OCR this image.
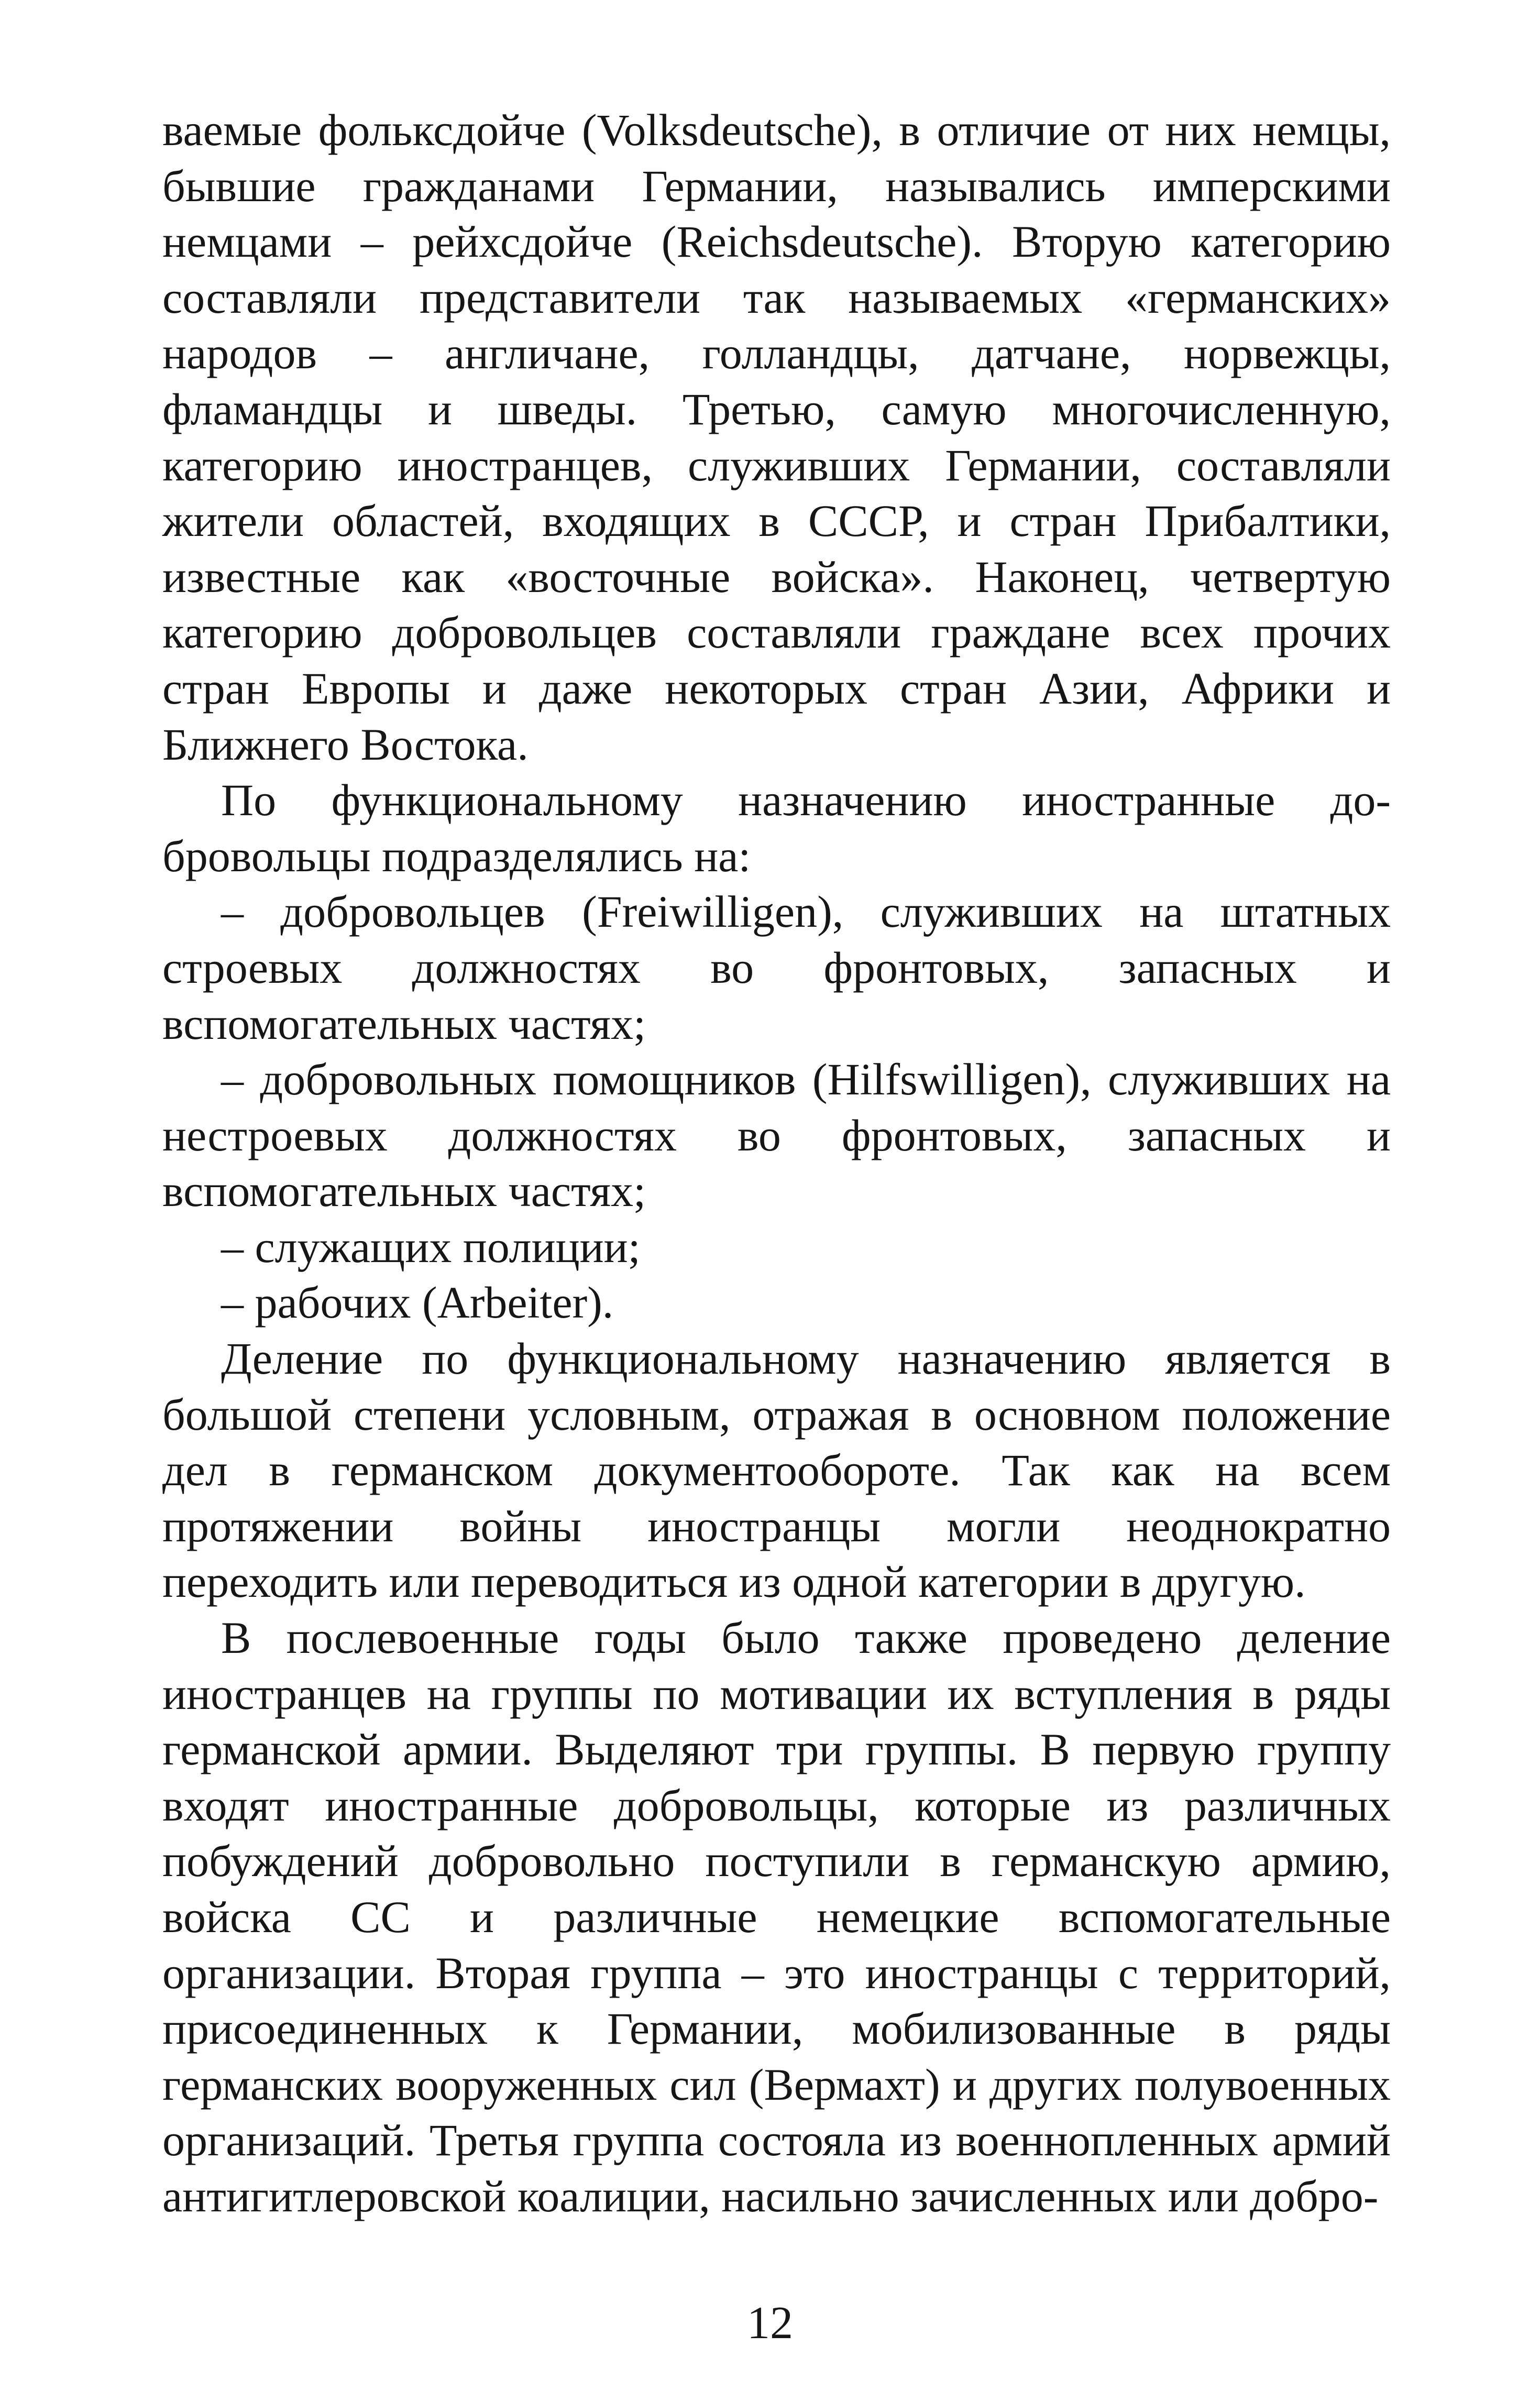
ваемые фольксдойче (Volksdeutsche), в отличие от них немцы, бывшие гражданами Германии, назывались имперскими немцами – рейхсдойче (Reichsdeutsche). Вторую категорию составляли представители так называемых «германских» народов – англичане, голландцы, датчане, норвежцы, фламандцы и шведы. Третью, самую многочисленную, категорию иностранцев, служивших Германии, составляли жители областей, входящих в СССР, и стран Прибалтики, известные как «восточные войска». Наконец, четвертую категорию добровольцев составляли граждане всех прочих стран Европы и даже некоторых стран Азии, Африки и Ближнего Востока.

По функциональному назначению иностранные добровольцы подразделялись на:

– добровольцев (Freiwilligen), служивших на штатных строевых должностях во фронтовых, запасных и вспомогательных частях;

– добровольных помощников (Hilfswilligen), служивших на нестроевых должностях во фронтовых, запасных и вспомогательных частях;

– служащих полиции;

– рабочих (Arbeiter).

Деление по функциональному назначению является в большой степени условным, отражая в основном положение дел в германском документообороте. Так как на всем протяжении войны иностранцы могли неоднократно переходить или переводиться из одной категории в другую.

В послевоенные годы было также проведено деление иностранцев на группы по мотивации их вступления в ряды германской армии. Выделяют три группы. В первую группу входят иностранные добровольцы, которые из различных побуждений добровольно поступили в германскую армию, войска СС и различные немецкие вспомогательные организации. Вторая группа – это иностранцы с территорий, присоединенных к Германии, мобилизованные в ряды германских вооруженных сил (Вермахт) и других полувоенных организаций. Третья группа состояла из военнопленных армий антигитлеровской коалиции, насильно зачисленных или добро-

12
